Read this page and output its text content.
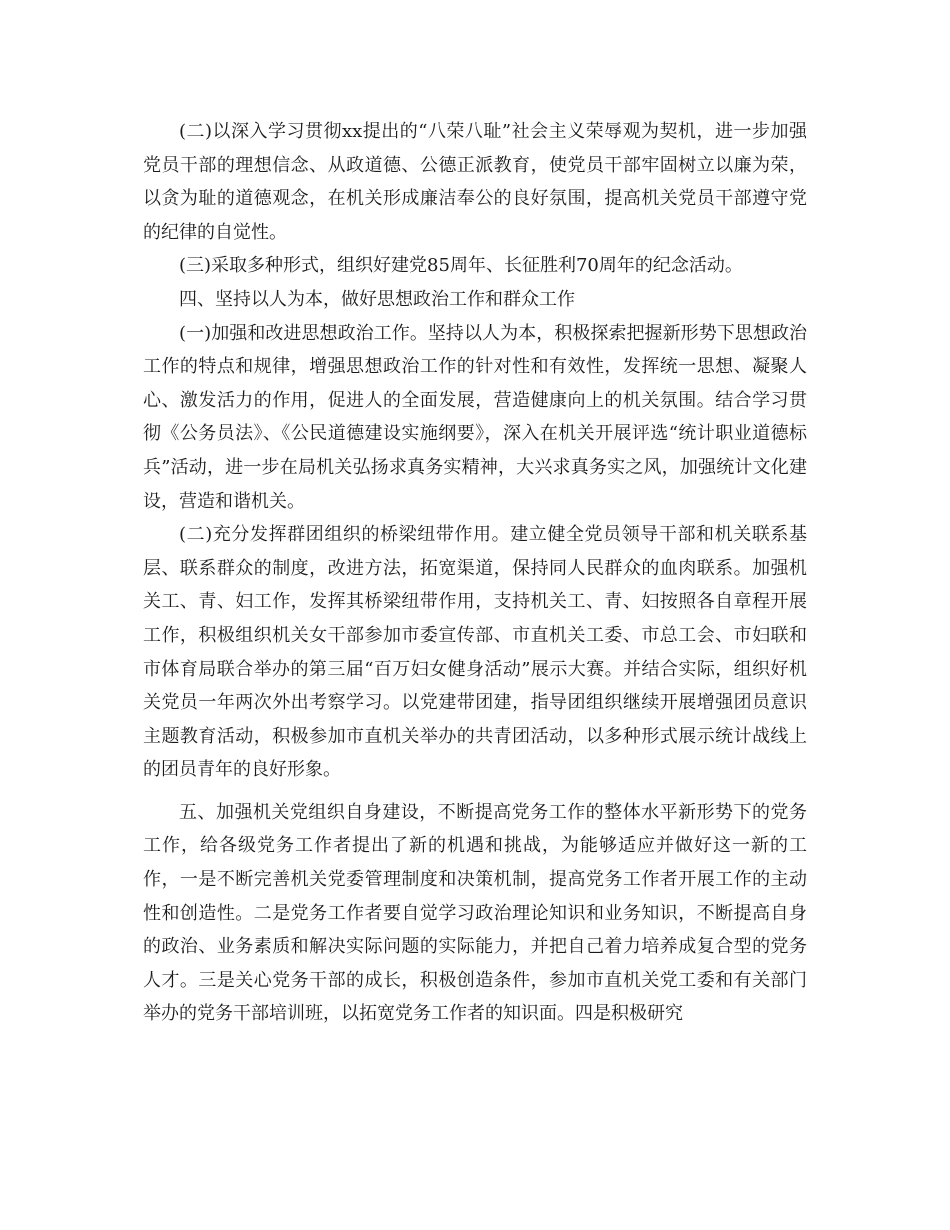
(二)以深入学习贯彻xx提出的“八荣八耻”社会主义荣辱观为契机，进一步加强党员干部的理想信念、从政道德、公德正派教育，使党员干部牢固树立以廉为荣，以贪为耻的道德观念，在机关形成廉洁奉公的良好氛围，提高机关党员干部遵守党的纪律的自觉性。

(三)采取多种形式，组织好建党85周年、长征胜利70周年的纪念活动。

四、坚持以人为本，做好思想政治工作和群众工作

(一)加强和改进思想政治工作。坚持以人为本，积极探索把握新形势下思想政治工作的特点和规律，增强思想政治工作的针对性和有效性，发挥统一思想、凝聚人心、激发活力的作用，促进人的全面发展，营造健康向上的机关氛围。结合学习贯彻《公务员法》、《公民道德建设实施纲要》，深入在机关开展评选“统计职业道德标兵”活动，进一步在局机关弘扬求真务实精神，大兴求真务实之风，加强统计文化建设，营造和谐机关。

(二)充分发挥群团组织的桥梁纽带作用。建立健全党员领导干部和机关联系基层、联系群众的制度，改进方法，拓宽渠道，保持同人民群众的血肉联系。加强机关工、青、妇工作，发挥其桥梁纽带作用，支持机关工、青、妇按照各自章程开展工作，积极组织机关女干部参加市委宣传部、市直机关工委、市总工会、市妇联和市体育局联合举办的第三届“百万妇女健身活动”展示大赛。并结合实际，组织好机关党员一年两次外出考察学习。以党建带团建，指导团组织继续开展增强团员意识主题教育活动，积极参加市直机关举办的共青团活动，以多种形式展示统计战线上的团员青年的良好形象。

五、加强机关党组织自身建设，不断提高党务工作的整体水平新形势下的党务工作，给各级党务工作者提出了新的机遇和挑战，为能够适应并做好这一新的工作，一是不断完善机关党委管理制度和决策机制，提高党务工作者开展工作的主动性和创造性。二是党务工作者要自觉学习政治理论知识和业务知识，不断提高自身的政治、业务素质和解决实际问题的实际能力，并把自己着力培养成复合型的党务人才。三是关心党务干部的成长，积极创造条件，参加市直机关党工委和有关部门举办的党务干部培训班，以拓宽党务工作者的知识面。四是积极研究
